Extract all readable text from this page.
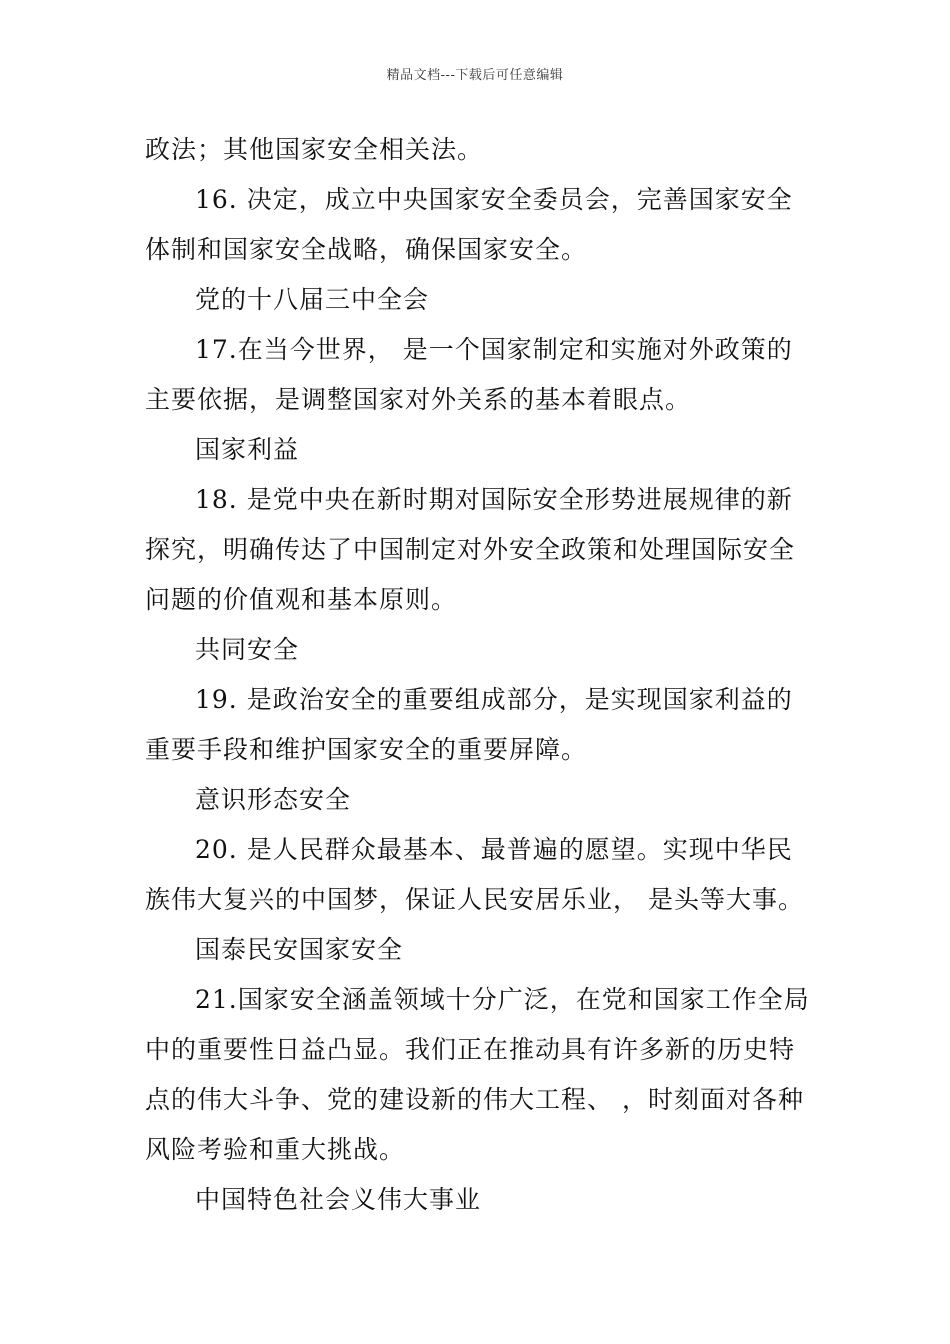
精品文档---下载后可任意编辑
政法；其他国家安全相关法。
16. 决定，成立中央国家安全委员会，完善国家安全
体制和国家安全战略，确保国家安全。
党的十八届三中全会
17.在当今世界， 是一个国家制定和实施对外政策的
主要依据，是调整国家对外关系的基本着眼点。
国家利益
18. 是党中央在新时期对国际安全形势进展规律的新
探究，明确传达了中国制定对外安全政策和处理国际安全
问题的价值观和基本原则。
共同安全
19. 是政治安全的重要组成部分，是实现国家利益的
重要手段和维护国家安全的重要屏障。
意识形态安全
20. 是人民群众最基本、最普遍的愿望。实现中华民
族伟大复兴的中国梦，保证人民安居乐业， 是头等大事。
国泰民安国家安全
21.国家安全涵盖领域十分广泛，在党和国家工作全局
中的重要性日益凸显。我们正在推动具有许多新的历史特
点的伟大斗争、党的建设新的伟大工程、 ，时刻面对各种
风险考验和重大挑战。
中国特色社会义伟大事业
